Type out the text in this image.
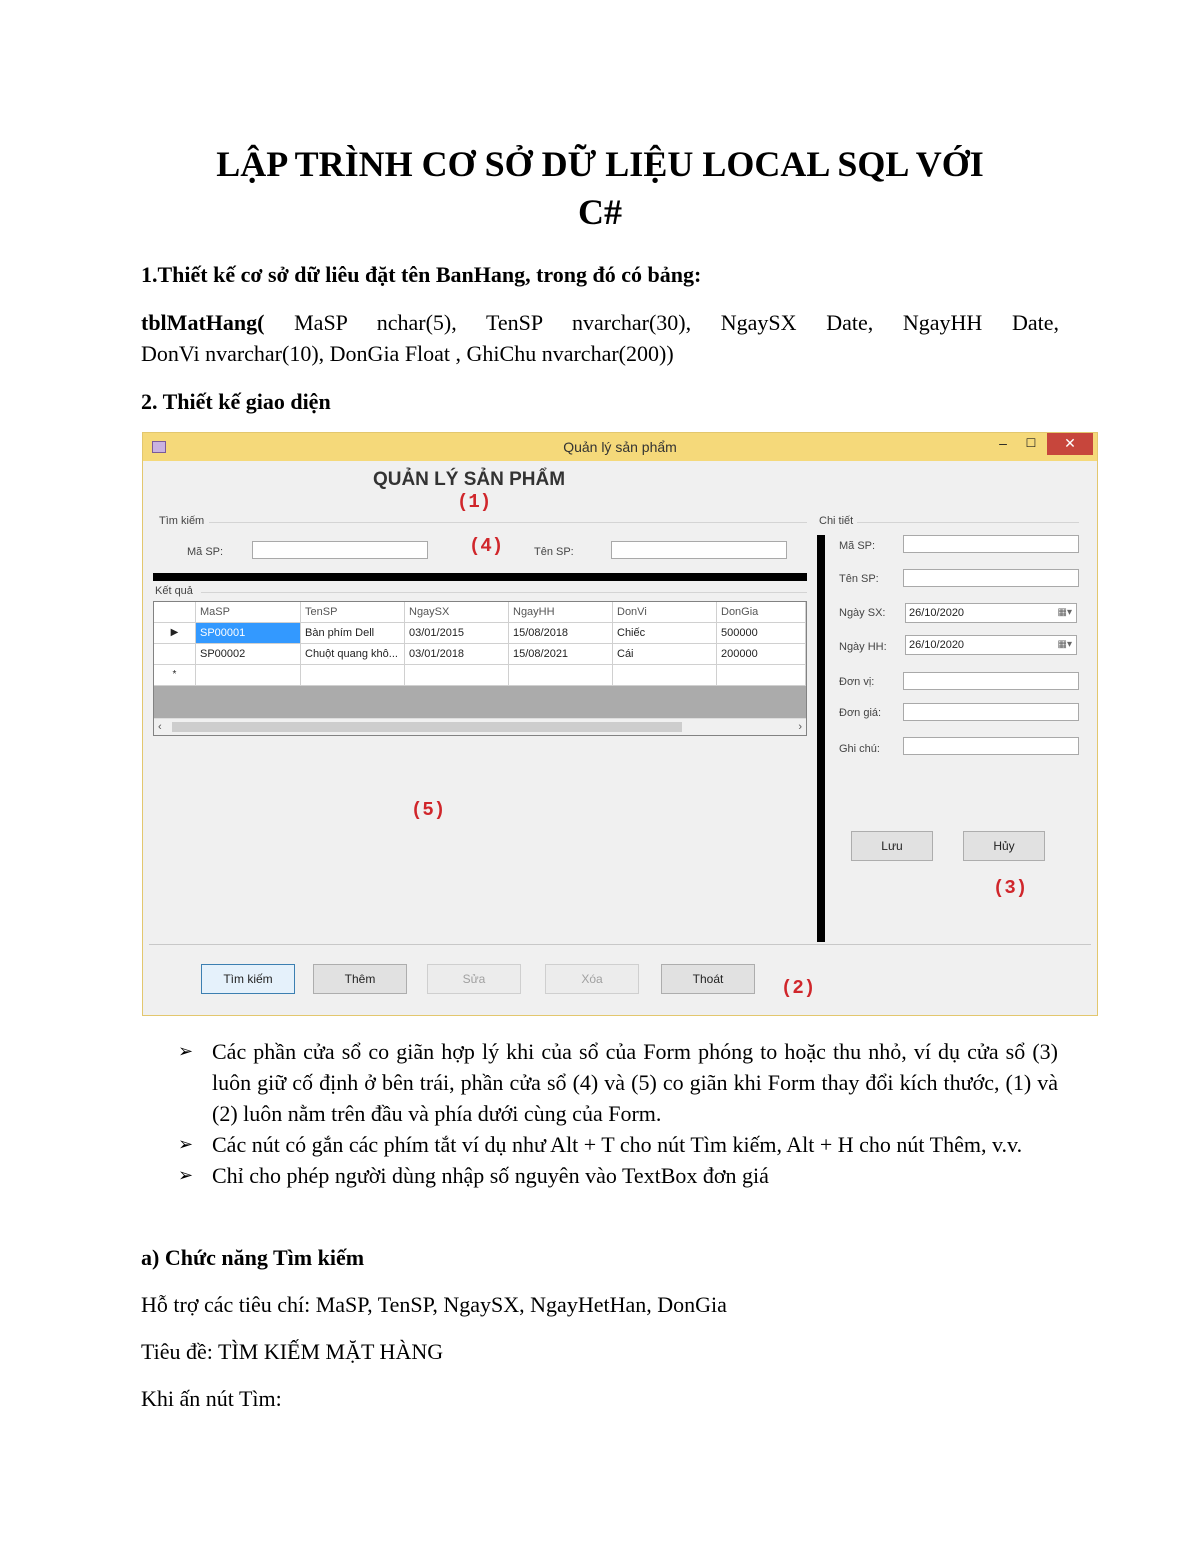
LẬP TRÌNH CƠ SỞ DỮ LIỆU LOCAL SQL VỚI
C#

1.Thiết kế cơ sở dữ liêu đặt tên BanHang, trong đó có bảng:

tblMatHang( MaSP nchar(5), TenSP nvarchar(30), NgaySX Date, NgayHH Date,

DonVi nvarchar(10), DonGia Float , GhiChu nvarchar(200))

2. Thiết kế giao diện

Quản lý sản phẩm	–	☐	✕
QUẢN LÝ SẢN PHẨM
(1)
Tìm kiếm
Mã SP:	(4)	Tên SP:
Kết quả
MaSP	TenSP	NgaySX	NgayHH	DonVi	DonGia
▶	SP00001	Bàn phím Dell	03/01/2015	15/08/2018	Chiếc	500000
SP00002	Chuột quang khô...	03/01/2018	15/08/2021	Cái	200000
*
‹	›
(5)
Chi tiết
Mã SP:
Tên SP:
Ngày SX:	26/10/2020	▦▾
Ngày HH:	26/10/2020	▦▾
Đơn vị:
Đơn giá:
Ghi chú:
Lưu	Hủy
(3)
Tìm kiếm	Thêm	Sửa	Xóa	Thoát	(2)
➢ Các phần cửa sổ co giãn hợp lý khi của sổ của Form phóng to hoặc thu nhỏ, ví dụ cửa sổ (3) luôn giữ cố định ở bên trái, phần cửa sổ (4) và (5) co giãn khi Form thay đổi kích thước, (1) và (2) luôn nằm trên đầu và phía dưới cùng của Form.
➢ Các nút có gắn các phím tắt ví dụ như Alt + T cho nút Tìm kiếm, Alt + H cho nút Thêm, v.v.
➢ Chỉ cho phép người dùng nhập số nguyên vào TextBox đơn giá

a) Chức năng Tìm kiếm

Hỗ trợ các tiêu chí: MaSP, TenSP, NgaySX, NgayHetHan, DonGia

Tiêu đề: TÌM KIẾM MẶT HÀNG

Khi ấn nút Tìm:
